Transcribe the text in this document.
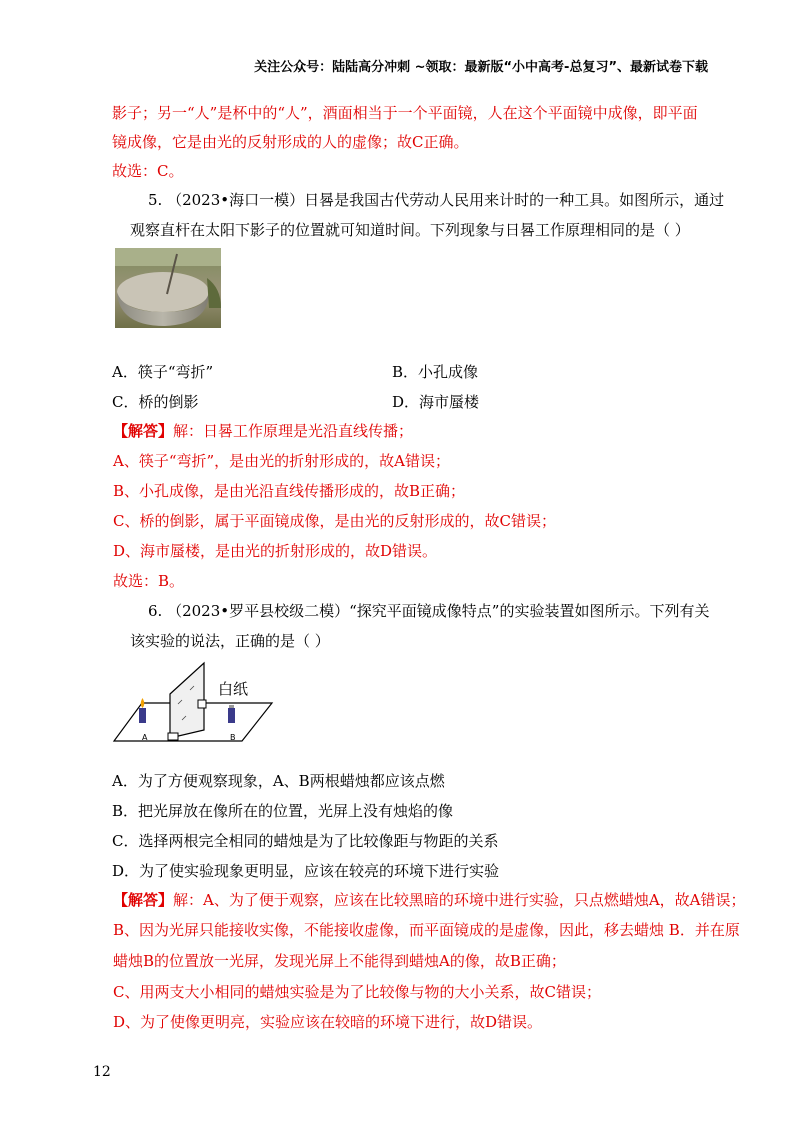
关注公众号：陆陆高分冲刺 ~领取：最新版“小中高考-总复习”、最新试卷下载
影子；另一“人”是杯中的“人”，酒面相当于一个平面镜，人在这个平面镜中成像，即平面
镜成像，它是由光的反射形成的人的虚像；故C正确。
故选：C。
5. （2023•海口一模）日晷是我国古代劳动人民用来计时的一种工具。如图所示，通过
观察直杆在太阳下影子的位置就可知道时间。下列现象与日晷工作原理相同的是（ ）
A．筷子“弯折”	B．小孔成像
C．桥的倒影	D．海市蜃楼
【解答】解：日晷工作原理是光沿直线传播；
A、筷子“弯折”，是由光的折射形成的，故A错误；
B、小孔成像，是由光沿直线传播形成的，故B正确；
C、桥的倒影，属于平面镜成像，是由光的反射形成的，故C错误；
D、海市蜃楼，是由光的折射形成的，故D错误。
故选：B。
6. （2023•罗平县校级二模）“探究平面镜成像特点”的实验装置如图所示。下列有关
该实验的说法，正确的是（ ）
白纸
A	B
A．为了方便观察现象，A、B两根蜡烛都应该点燃
B．把光屏放在像所在的位置，光屏上没有烛焰的像
C．选择两根完全相同的蜡烛是为了比较像距与物距的关系
D．为了使实验现象更明显，应该在较亮的环境下进行实验
【解答】解：A、为了便于观察，应该在比较黑暗的环境中进行实验，只点燃蜡烛A，故A错误；
B、因为光屏只能接收实像，不能接收虚像，而平面镜成的是虚像，因此，移去蜡烛 B．并在原
蜡烛B的位置放一光屏，发现光屏上不能得到蜡烛A的像，故B正确；
C、用两支大小相同的蜡烛实验是为了比较像与物的大小关系，故C错误；
D、为了使像更明亮，实验应该在较暗的环境下进行，故D错误。
12
